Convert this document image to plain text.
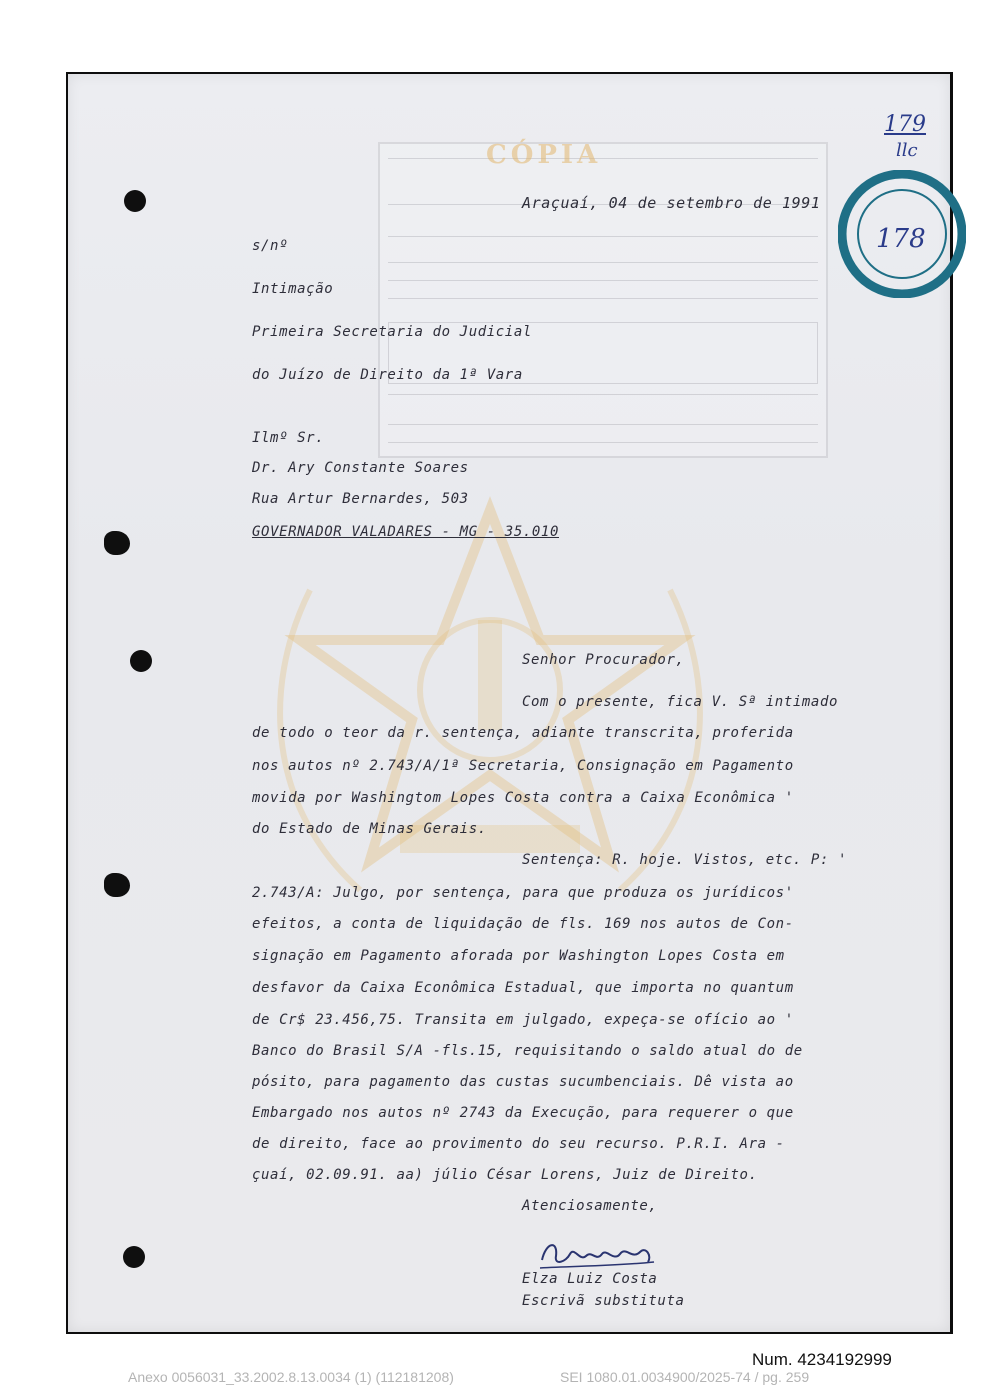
CÓPIA
179
llc
178
Araçuaí, 04 de setembro de 1991
s/nº
Intimação
Primeira Secretaria do Judicial
do Juízo de Direito da 1ª Vara
Ilmº Sr.
Dr. Ary Constante Soares
Rua Artur Bernardes, 503
GOVERNADOR VALADARES - MG - 35.010
Senhor Procurador,
Com o presente, fica V. Sª intimado
de todo o teor da r. sentença, adiante transcrita, proferida
nos autos nº 2.743/A/1ª Secretaria, Consignação em Pagamento
movida por Washingtom Lopes Costa contra a Caixa Econômica '
do Estado de Minas Gerais.
Sentença: R. hoje. Vistos, etc. P: '
2.743/A: Julgo, por sentença, para que produza os jurídicos'
efeitos, a conta de liquidação de fls. 169 nos autos de Con-
signação em Pagamento aforada por Washington Lopes Costa em
desfavor da Caixa Econômica Estadual, que importa no quantum
de Cr$ 23.456,75. Transita em julgado, expeça-se ofício ao '
Banco do Brasil S/A -fls.15, requisitando o saldo atual do de
pósito, para pagamento das custas sucumbenciais. Dê vista ao
Embargado nos autos nº 2743 da Execução, para requerer o que
de direito, face ao provimento do seu recurso. P.R.I. Ara -
çuaí, 02.09.91. aa) júlio César Lorens, Juiz de Direito.
Atenciosamente,
Elza Luiz Costa
Escrivã substituta
Num. 4234192999
Anexo 0056031_33.2002.8.13.0034 (1) (112181208)	SEI 1080.01.0034900/2025-74 / pg. 259
